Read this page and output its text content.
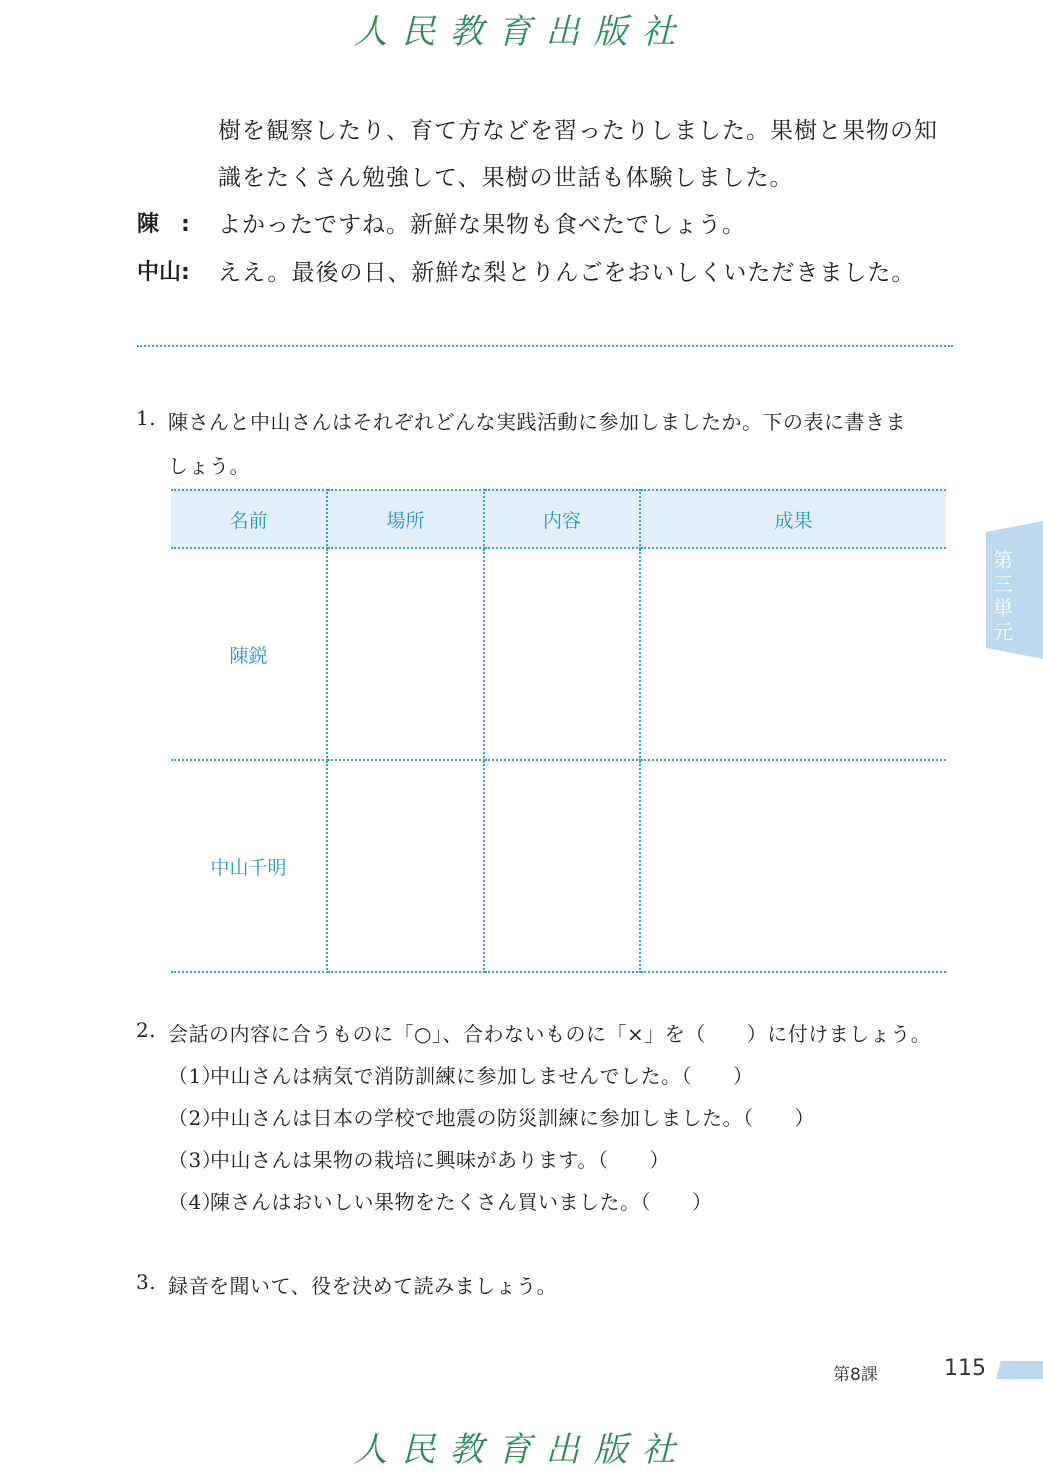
人民教育出版社
樹を観察したり、育て方などを習ったりしました。果樹と果物の知
識をたくさん勉強して、果樹の世話も体験しました。
陳　: よかったですね。新鮮な果物も食べたでしょう。
中山: ええ。最後の日、新鮮な梨とりんごをおいしくいただきました。
1. 陳さんと中山さんはそれぞれどんな実践活動に参加しましたか。下の表に書きま
しょう。
名前	場所	内容	成果
陳鋭			
中山千明			
2. 会話の内容に合うものに「○」、合わないものに「×」を（　　）に付けましょう。
（1）
中山さんは病気で消防訓練に参加しませんでした。（　　）
（2）
中山さんは日本の学校で地震の防災訓練に参加しました。（　　）
（3）
中山さんは果物の栽培に興味があります。（　　）
（4）
陳さんはおいしい果物をたくさん買いました。（　　）
3. 録音を聞いて、役を決めて読みましょう。
第三単元
第8課	115
人民教育出版社
